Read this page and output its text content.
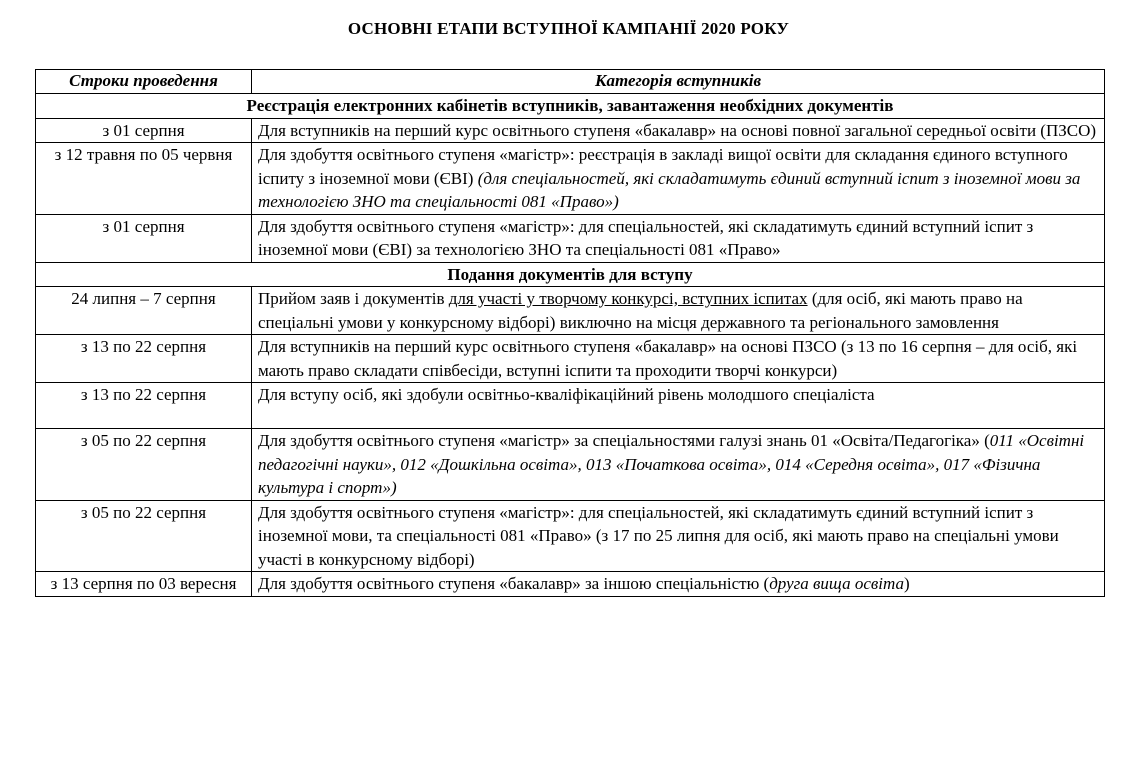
ОСНОВНІ ЕТАПИ ВСТУПНОЇ КАМПАНІЇ 2020 РОКУ
Строки проведення	Категорія вступників
Реєстрація електронних кабінетів вступників, завантаження необхідних документів	
з 01 серпня	Для вступників на перший курс освітнього ступеня «бакалавр» на основі повної загальної середньої освіти (ПЗСО)
з 12 травня по 05 червня	Для здобуття освітнього ступеня «магістр»: реєстрація в закладі вищої освіти для складання єдиного вступного іспиту з іноземної мови (ЄВІ) (для спеціальностей, які складатимуть єдиний вступний іспит з іноземної мови за технологією ЗНО та спеціальності 081 «Право»)
з 01 серпня	Для здобуття освітнього ступеня «магістр»: для спеціальностей, які складатимуть єдиний вступний іспит з іноземної мови (ЄВІ) за технологією ЗНО та спеціальності 081 «Право»
Подання документів для вступу	
24 липня – 7 серпня	Прийом заяв і документів для участі у творчому конкурсі, вступних іспитах (для осіб, які мають право на спеціальні умови у конкурсному відборі) виключно на місця державного та регіонального замовлення
з 13 по 22 серпня	Для вступників на перший курс освітнього ступеня «бакалавр» на основі ПЗСО (з 13 по 16 серпня – для осіб, які мають право складати співбесіди, вступні іспити та проходити творчі конкурси)
з 13 по 22 серпня	Для вступу осіб, які здобули освітньо-кваліфікаційний рівень молодшого спеціаліста
з 05 по 22 серпня	Для здобуття освітнього ступеня «магістр» за спеціальностями галузі знань 01 «Освіта/Педагогіка» (011 «Освітні педагогічні науки», 012 «Дошкільна освіта», 013 «Початкова освіта», 014 «Середня освіта», 017 «Фізична культура і спорт»)
з 05 по 22 серпня	Для здобуття освітнього ступеня «магістр»: для спеціальностей, які складатимуть єдиний вступний іспит з іноземної мови, та спеціальності 081 «Право» (з 17 по 25 липня для осіб, які мають право на спеціальні умови участі в конкурсному відборі)
з 13 серпня по 03 вересня	Для здобуття освітнього ступеня «бакалавр» за іншою спеціальністю (друга вища освіта)
